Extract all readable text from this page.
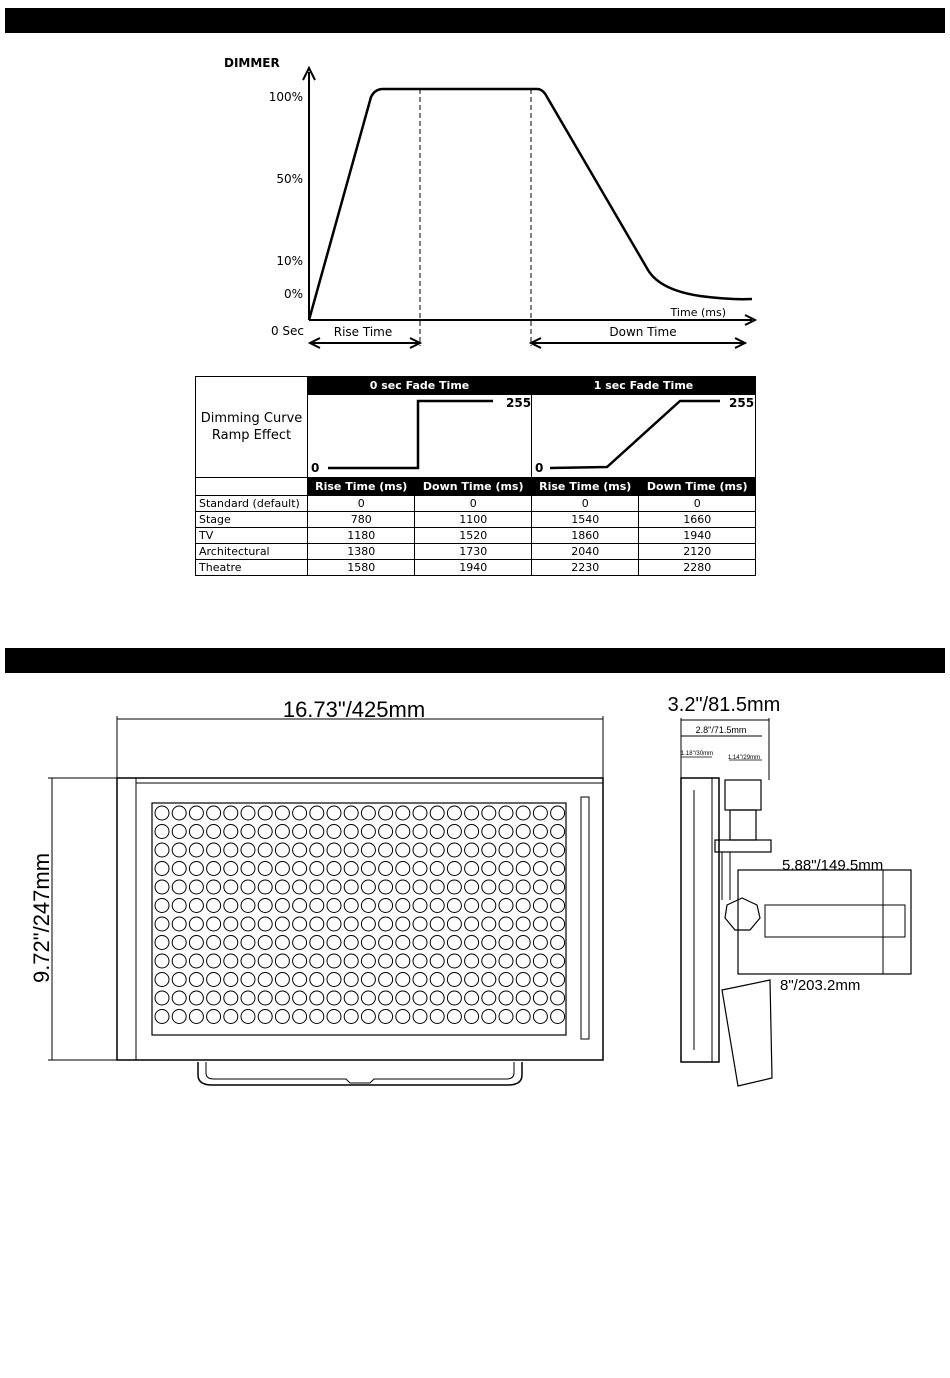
DIMMER
100%
50%
10%
0%
0 Sec
Time (ms)
Rise Time	Down Time
Dimming Curve Ramp Effect	0 sec Fade Time		1 sec Fade Time	

0
255		0
255	

	Rise Time (ms)	Down Time (ms)	Rise Time (ms)	Down Time (ms)
Standard (default)	0	0	0	0
Stage	780	1100	1540	1660
TV	1180	1520	1860	1940
Architectural	1380	1730	2040	2120
Theatre	1580	1940	2230	2280
16.73"/425mm
9.72"/247mm
3.2"/81.5mm
2.8"/71.5mm
1.18"/30mm
1.14"/29mm
5.88"/149.5mm
8"/203.2mm
